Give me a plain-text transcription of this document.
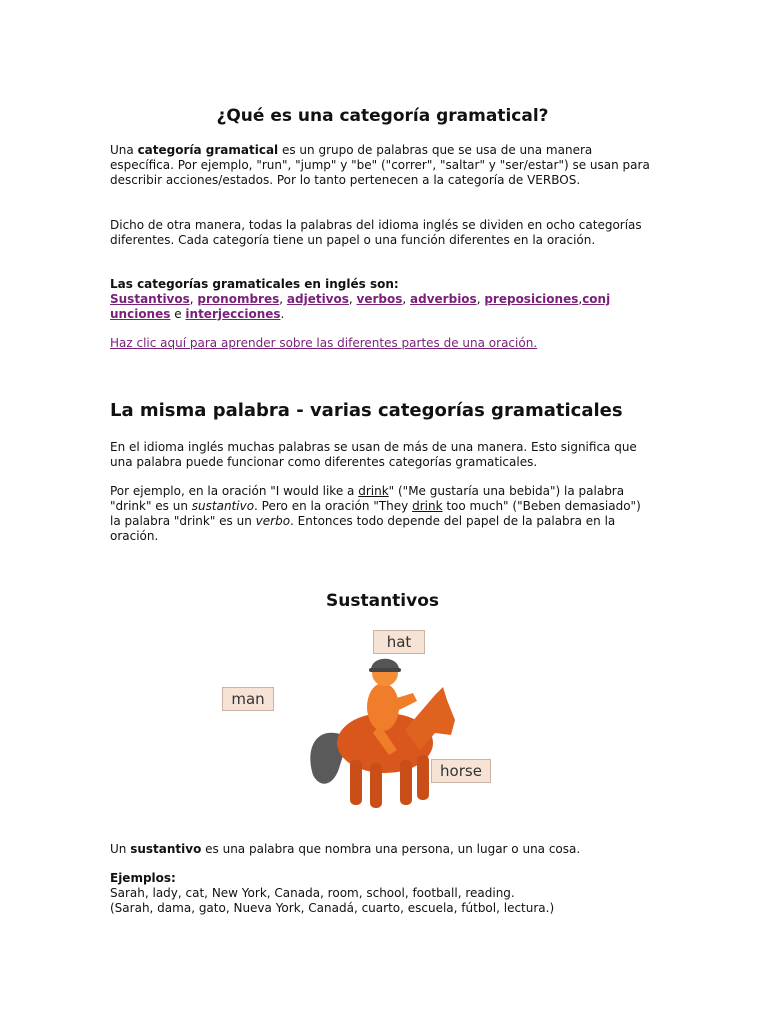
¿Qué es una categoría gramatical?

Una categoría gramatical es un grupo de palabras que se usa de una manera específica. Por ejemplo, "run", "jump" y "be" ("correr", "saltar" y "ser/estar") se usan para describir acciones/estados. Por lo tanto pertenecen a la categoría de VERBOS.

Dicho de otra manera, todas la palabras del idioma inglés se dividen en ocho categorías diferentes. Cada categoría tiene un papel o una función diferentes en la oración.

Las categorías gramaticales en inglés son:

Sustantivos, pronombres, adjetivos, verbos, adverbios, preposiciones,conj unciones e interjecciones.

Haz clic aquí para aprender sobre las diferentes partes de una oración.

La misma palabra - varias categorías gramaticales

En el idioma inglés muchas palabras se usan de más de una manera. Esto significa que una palabra puede funcionar como diferentes categorías gramaticales.

Por ejemplo, en la oración "I would like a drink" ("Me gustaría una bebida") la palabra "drink" es un sustantivo. Pero en la oración "They drink too much" ("Beben demasiado") la palabra "drink" es un verbo. Entonces todo depende del papel de la palabra en la oración.

Sustantivos
hat
man
horse

Un sustantivo es una palabra que nombra una persona, un lugar o una cosa.

Ejemplos:

Sarah, lady, cat, New York, Canada, room, school, football, reading.

(Sarah, dama, gato, Nueva York, Canadá, cuarto, escuela, fútbol, lectura.)
